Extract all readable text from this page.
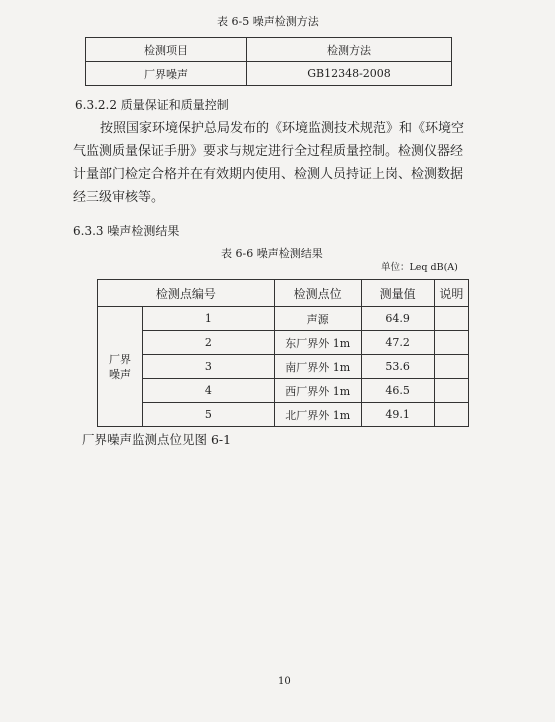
表 6-5 噪声检测方法
检测项目	检测方法
厂界噪声	GB12348-2008
6.3.2.2 质量保证和质量控制
按照国家环境保护总局发布的《环境监测技术规范》和《环境空
气监测质量保证手册》要求与规定进行全过程质量控制。检测仪器经
计量部门检定合格并在有效期内使用、检测人员持证上岗、检测数据
经三级审核等。
6.3.3 噪声检测结果
表 6-6 噪声检测结果
单位：Leq dB(A)
检测点编号		检测点位	测量值	说明

厂界
噪声	1	声源	64.9	
	2	东厂界外 1m	47.2	
	3	南厂界外 1m	53.6	
	4	西厂界外 1m	46.5	
	5	北厂界外 1m	49.1	
厂界噪声监测点位见图 6-1
10
